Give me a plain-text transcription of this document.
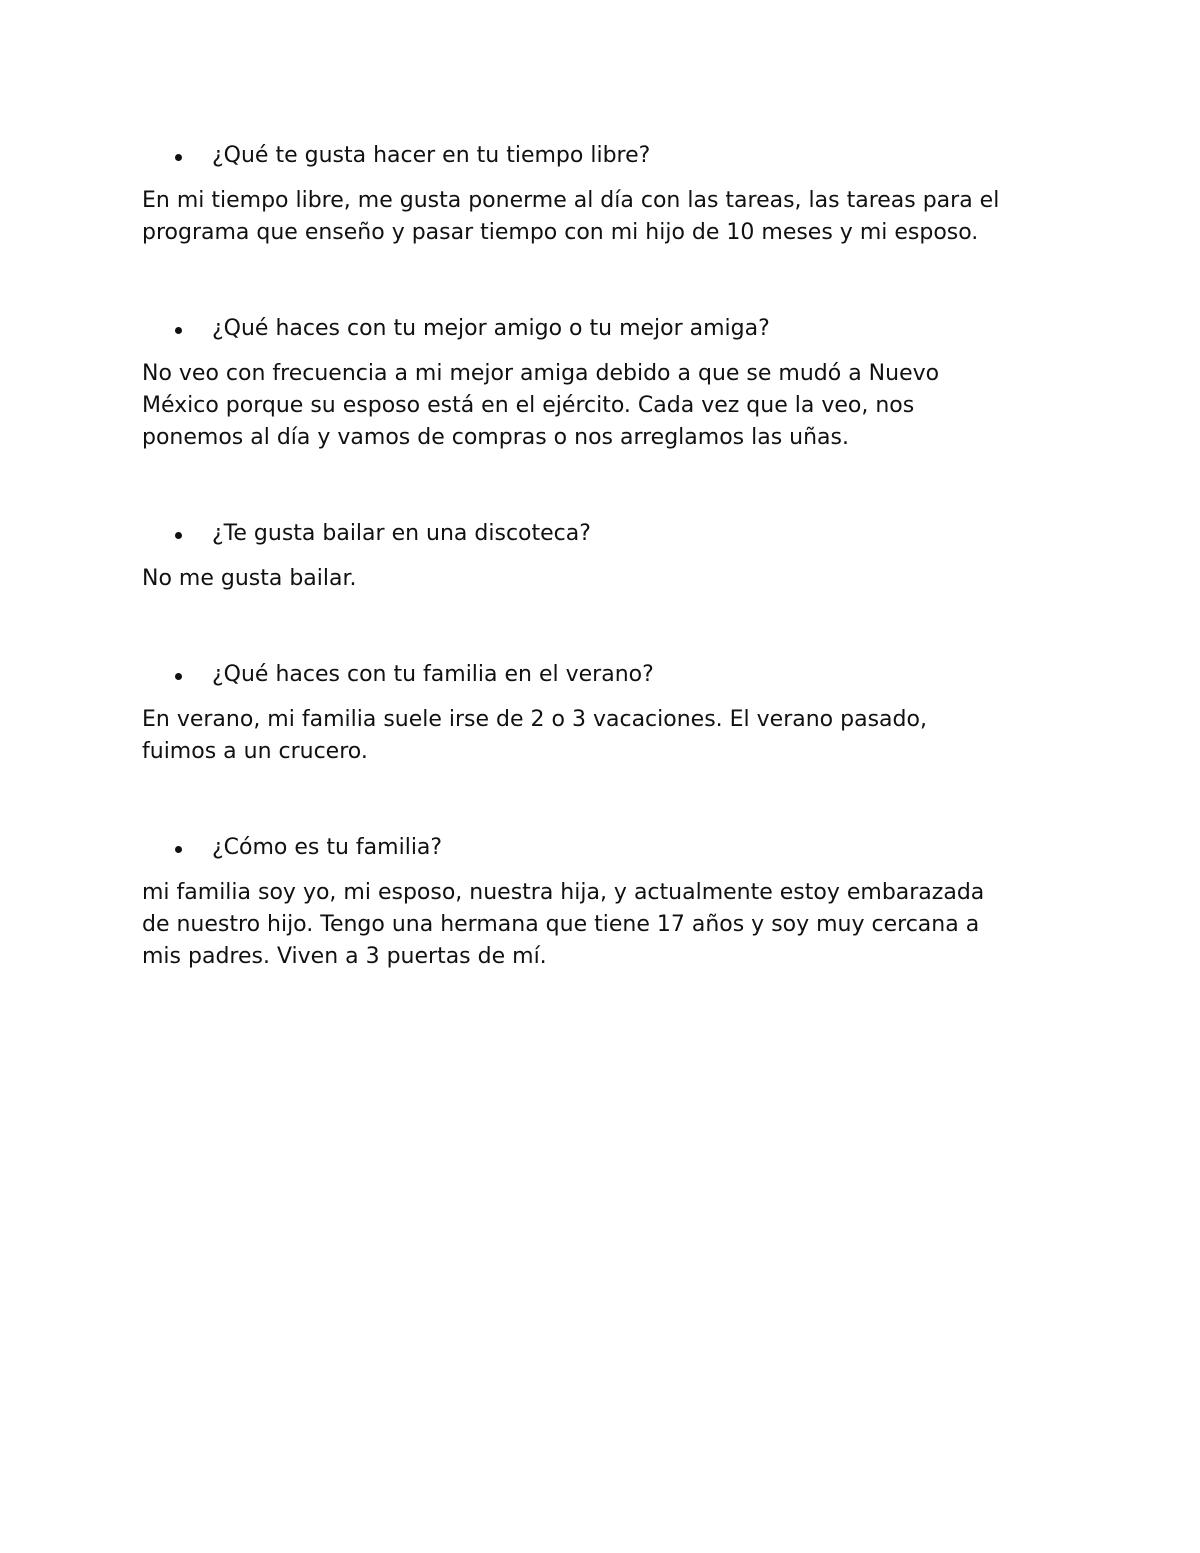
¿Qué te gusta hacer en tu tiempo libre?

En mi tiempo libre, me gusta ponerme al día con las tareas, las tareas para el
programa que enseño y pasar tiempo con mi hijo de 10 meses y mi esposo.

¿Qué haces con tu mejor amigo o tu mejor amiga?

No veo con frecuencia a mi mejor amiga debido a que se mudó a Nuevo
México porque su esposo está en el ejército. Cada vez que la veo, nos
ponemos al día y vamos de compras o nos arreglamos las uñas.

¿Te gusta bailar en una discoteca?

No me gusta bailar.

¿Qué haces con tu familia en el verano?

En verano, mi familia suele irse de 2 o 3 vacaciones. El verano pasado,
fuimos a un crucero.

¿Cómo es tu familia?

mi familia soy yo, mi esposo, nuestra hija, y actualmente estoy embarazada
de nuestro hijo. Tengo una hermana que tiene 17 años y soy muy cercana a
mis padres. Viven a 3 puertas de mí.
